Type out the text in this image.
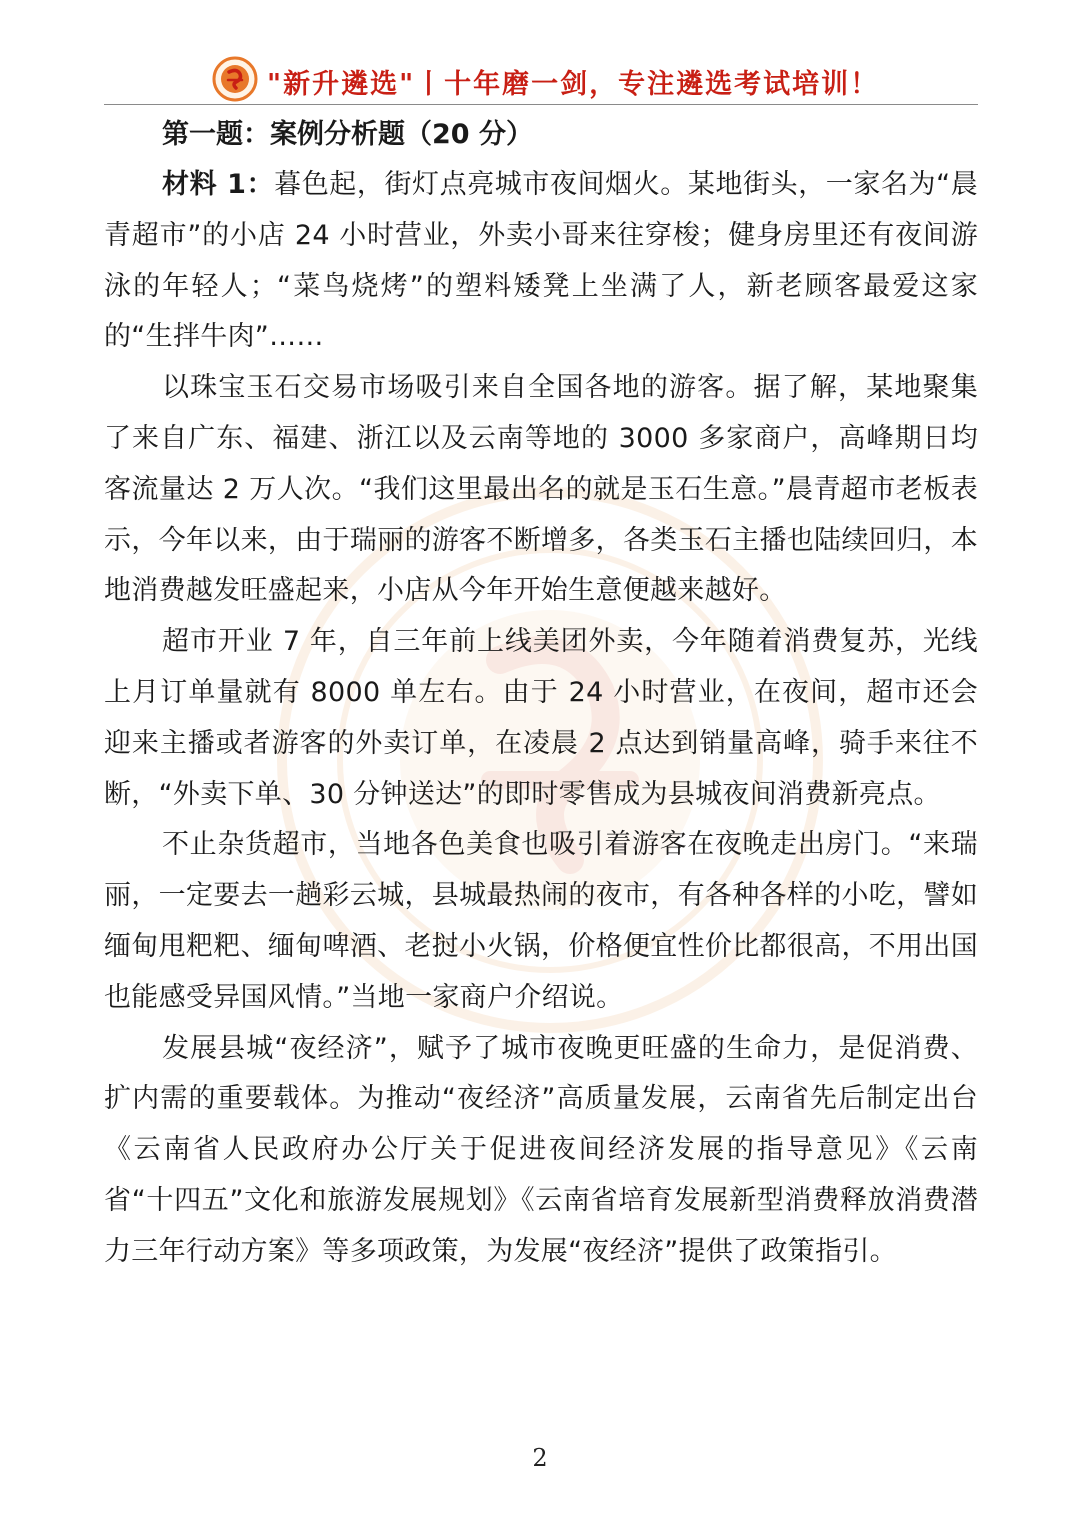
"新升遴选"丨十年磨一剑，专注遴选考试培训！

第一题：案例分析题（20 分）

材料 1：暮色起，街灯点亮城市夜间烟火。某地街头，一家名为“晨青超市”的小店 24 小时营业，外卖小哥来往穿梭；健身房里还有夜间游泳的年轻人；“菜鸟烧烤”的塑料矮凳上坐满了人，新老顾客最爱这家的“生拌牛肉”……

以珠宝玉石交易市场吸引来自全国各地的游客。据了解，某地聚集了来自广东、福建、浙江以及云南等地的 3000 多家商户，高峰期日均客流量达 2 万人次。“我们这里最出名的就是玉石生意。”晨青超市老板表示，今年以来，由于瑞丽的游客不断增多，各类玉石主播也陆续回归，本地消费越发旺盛起来，小店从今年开始生意便越来越好。

超市开业 7 年，自三年前上线美团外卖，今年随着消费复苏，光线上月订单量就有 8000 单左右。由于 24 小时营业，在夜间，超市还会迎来主播或者游客的外卖订单，在凌晨 2 点达到销量高峰，骑手来往不断，“外卖下单、30 分钟送达”的即时零售成为县城夜间消费新亮点。

不止杂货超市，当地各色美食也吸引着游客在夜晚走出房门。“来瑞丽，一定要去一趟彩云城，县城最热闹的夜市，有各种各样的小吃，譬如缅甸甩粑粑、缅甸啤酒、老挝小火锅，价格便宜性价比都很高，不用出国也能感受异国风情。”当地一家商户介绍说。

发展县城“夜经济”，赋予了城市夜晚更旺盛的生命力，是促消费、扩内需的重要载体。为推动“夜经济”高质量发展，云南省先后制定出台《云南省人民政府办公厅关于促进夜间经济发展的指导意见》《云南省“十四五”文化和旅游发展规划》《云南省培育发展新型消费释放消费潜力三年行动方案》等多项政策，为发展“夜经济”提供了政策指引。

2
